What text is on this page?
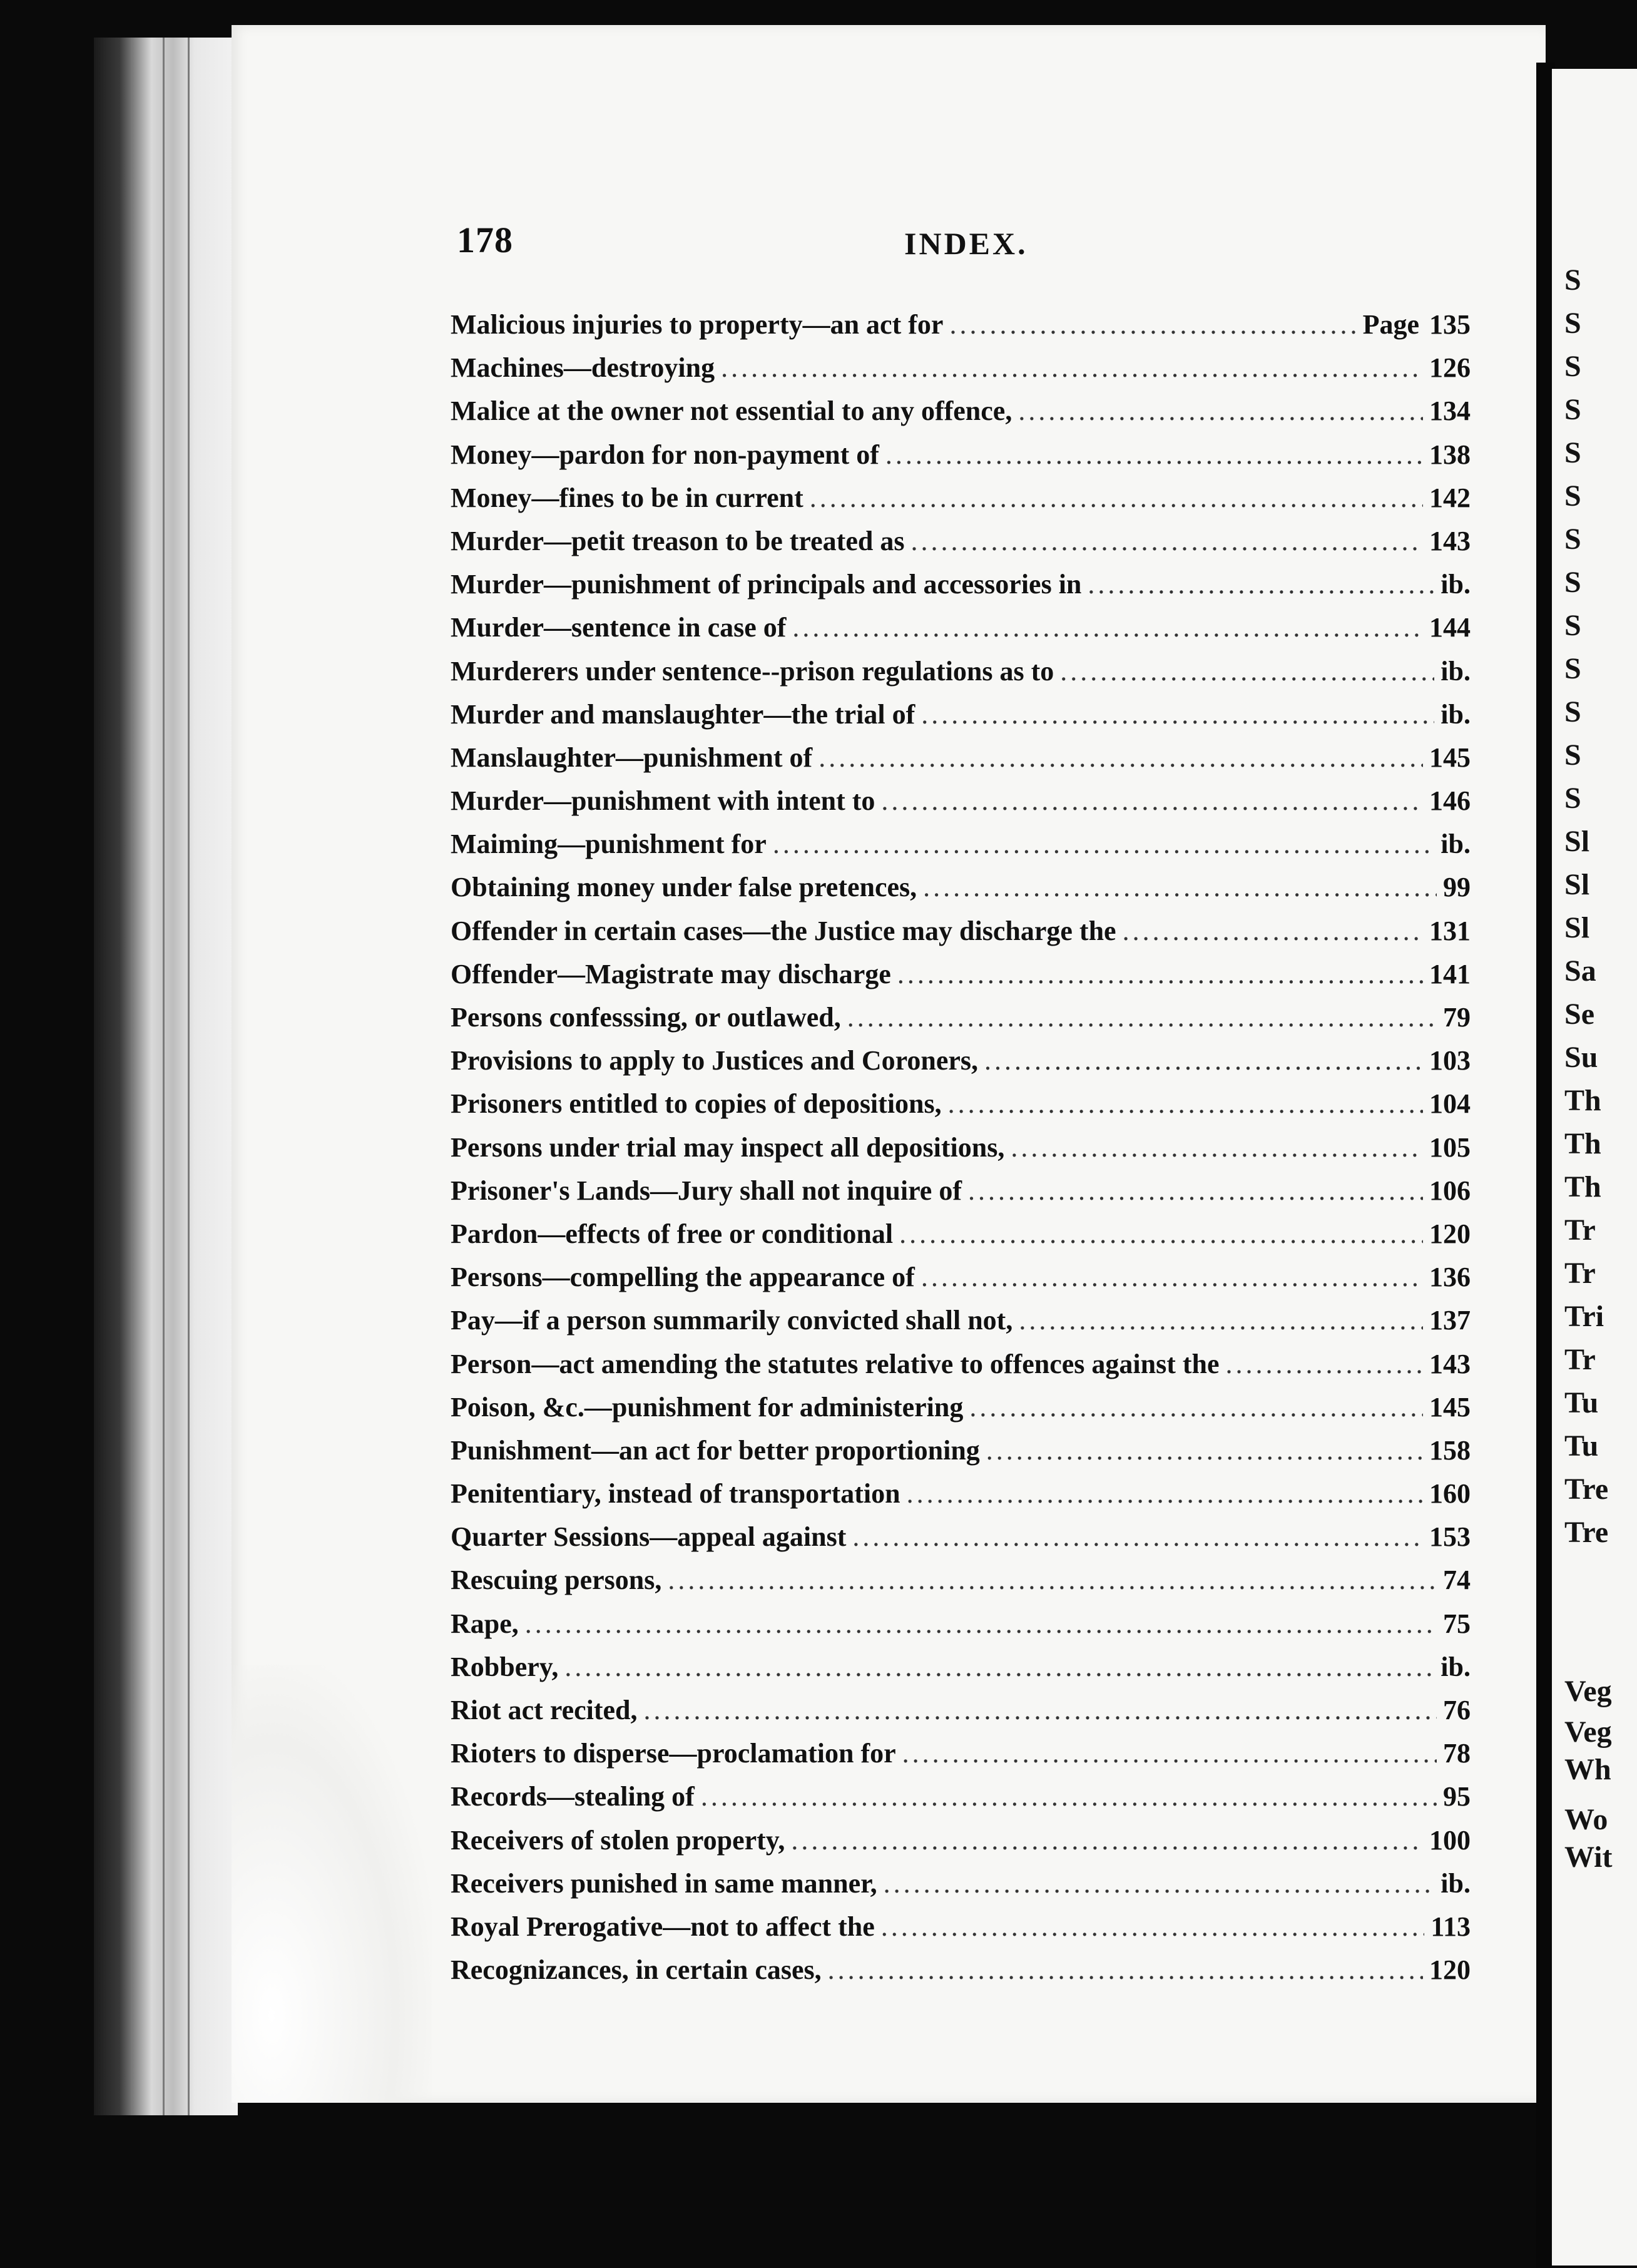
S
S
S
S
S
S
S
S
S
S
S
S
S
Sl
Sl
Sl
Sa
Se
Su
Th
Th
Th
Tr
Tr
Tri
Tr
Tu
Tu
Tre
Tre
Veg
Veg
Wh
Wo
Wit
178	INDEX.
Malicious injuries to property—an act for .....	Page 135
Machines—destroying .....	126
Malice at the owner not essential to any offence, .....	134
Money—pardon for non-payment of .....	138
Money—fines to be in current .....	142
Murder—petit treason to be treated as .....	143
Murder—punishment of principals and accessories in .....	ib.
Murder—sentence in case of .....	144
Murderers under sentence--prison regulations as to .....	ib.
Murder and manslaughter—the trial of .....	ib.
Manslaughter—punishment of .....	145
Murder—punishment with intent to .....	146
Maiming—punishment for .....	ib.
Obtaining money under false pretences, .....	99
Offender in certain cases—the Justice may discharge the .....	131
Offender—Magistrate may discharge .....	141
Persons confesssing, or outlawed, .....	79
Provisions to apply to Justices and Coroners, .....	103
Prisoners entitled to copies of depositions, .....	104
Persons under trial may inspect all depositions, .....	105
Prisoner's Lands—Jury shall not inquire of .....	106
Pardon—effects of free or conditional .....	120
Persons—compelling the appearance of .....	136
Pay—if a person summarily convicted shall not, .....	137
Person—act amending the statutes relative to offences against the .....	143
Poison, &c.—punishment for administering .....	145
Punishment—an act for better proportioning .....	158
Penitentiary, instead of transportation .....	160
Quarter Sessions—appeal against .....	153
Rescuing persons, .....	74
Rape, .....	75
Robbery, .....	ib.
Riot act recited, .....	76
Rioters to disperse—proclamation for .....	78
Records—stealing of .....	95
Receivers of stolen property, .....	100
Receivers punished in same manner, .....	ib.
Royal Prerogative—not to affect the .....	113
Recognizances, in certain cases, .....	120
